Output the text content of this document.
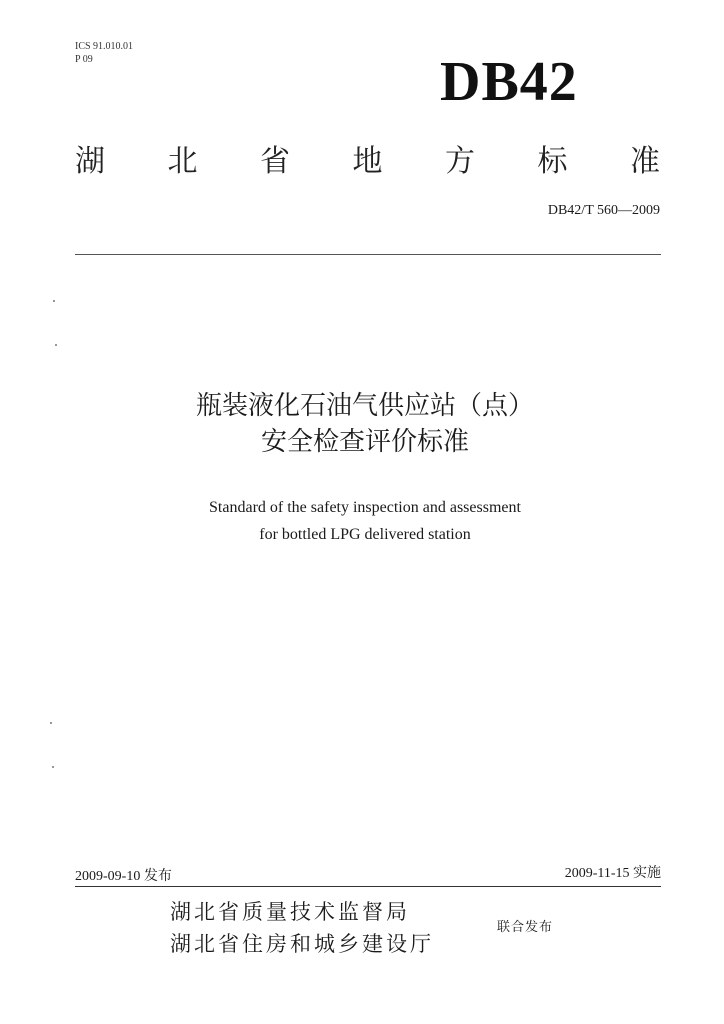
ICS 91.010.01
P 09	DB42
湖 北 省 地 方 标 准
DB42/T 560—2009
瓶装液化石油气供应站（点）
安全检查评价标准
Standard of the safety inspection and assessment
for bottled LPG delivered station
2009-09-10 发布	2009-11-15 实施
湖北省质量技术监督局
湖北省住房和城乡建设厅
联合发布
